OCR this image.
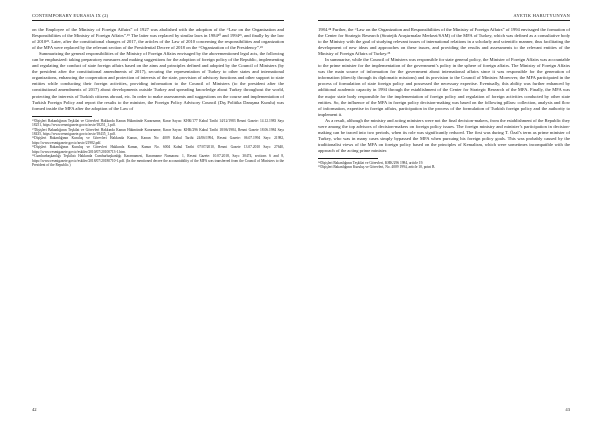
CONTEMPORARY EURASIA IX (2)

on the Employee of the Ministry of Foreign Affairs” of 1927 was abolished with the adoption of the “Law on the Organisation and Responsibilities of the Ministry of Foreign Affairs”.¹⁹ The latter was replaced by similar laws in 1984²⁰ and 1994²¹, and finally by the law of 2010²². Later, after the constitutional changes of 2017, the articles of the Law of 2010 concerning the responsibilities and organization of the MFA were replaced by the relevant section of the Presidential Decree of 2018 on the “Organization of the Presidency”.²³

Summarizing the general responsibilities of the Ministry of Foreign Affairs envisaged by the abovementioned legal acts, the following can be emphasized: taking preparatory measures and making suggestions for the adoption of foreign policy of the Republic, implementing and regulating the conduct of state foreign affairs based on the aims and principles defined and adopted by the Council of Ministers (by the president after the constitutional amendments of 2017), securing the representation of Turkey to other states and international organizations, enhancing the cooperation and protection of interests of the state, provision of advisory functions and other support to state entities while conducting their foreign activities, providing information to the Council of Ministers (to the president after the constitutional amendments of 2017) about developments outside Turkey and spreading knowledge about Turkey throughout the world, protecting the interests of Turkish citizens abroad, etc. In order to make assessments and suggestions on the course and implementation of Turkish Foreign Policy and report the results to the minister, the Foreign Policy Advisory Council (Dış Politika Danışma Kurulu) was formed inside the MFA after the adoption of the Law of

¹⁹Dişişleri Bakanlığının Teşkilat ve Görevleri Hakkında Kanun Hükmünde Kararname, Karar Sayısı: KHK/177 Kabul Tarihi 14/12/1983 Resmi Gazete: 14.12.1983 Sayı 18251, https://www.resmigazete.gov.tr/arsiv/18251_1.pdf.

²⁰Dişişleri Bakanlığının Teşkilat ve Görevleri Hakkında Kanun Hükmünde Kararname, Karar Sayısı: KHK/296 Kabul Tarihi 18/06/1984, Resmi Gazete 18.06.1984 Sayı 18435, https://www.resmigazete.gov.tr/arsiv/18435_1.pdf.

²¹Dişişleri Bakanlığının Kuruluş ve Görevleri Hakkında Kanun, Kanun No: 4009 Kabul Tarihi 24/06/1994, Resmi Gazete: 06.07.1994 Sayı: 21982, https://www.resmigazete.gov.tr/arsiv/21982.pdf.

²²Dişişleri Bakanlığının Kuruluş ve Görevleri Hakkında Kanun, Kanun No. 6004 Kabul Tarihi 07/07/2010, Resmi Gazete 13.07.2010 Sayı: 27640, https://www.resmigazete.gov.tr/eskiler/2010/07/20100713-1.htm.

²³Cumhurbaşkanlığı Teşkilatı Hakkında Cumhurbaşkanlığı Kararnamesi, Kararname Numarası: 1, Resmi Gazete: 10.07.2018, Sayı: 30474, sections 6 and 8, https://www.resmigazete.gov.tr/eskiler/2018/07/20180710-1.pdf. (In the mentioned decree the accountability of the MFA was transferred from the Council of Ministers to the President of the Republic.)

42
AYETIK HARUTYUNYAN

1984.²⁴ Further, the “Law on the Organization and Responsibilities of the Ministry of Foreign Affairs” of 1994 envisaged the formation of the Center for Strategic Research (Stratejik Araştırmalar Merkezi/SAM) of the MFA of Turkey, which was defined as a consultative body to the Ministry with the goal of studying relevant issues of international relations in a scholarly and scientific manner, thus facilitating the development of new ideas and approaches on these issues, and providing the results and assessments to the relevant entities of the Ministry of Foreign Affairs of Turkey.²⁵

In summarise, while the Council of Ministers was responsible for state general policy, the Minister of Foreign Affairs was accountable to the prime minister for the implementation of the government’s policy in the sphere of foreign affairs. The Ministry of Foreign Affairs was the main source of information for the government about international affairs since it was responsible for the generation of information (directly through its diplomatic missions) and its provision to the Council of Minister. Moreover, the MFA participated in the process of formulation of state foreign policy and possessed the necessary expertise. Eventually, this ability was further enhanced by additional academic capacity in 1994 through the establishment of the Center for Strategic Research of the MFA. Finally, the MFA was the major state body responsible for the implementation of foreign policy and regulation of foreign activities conducted by other state entities. So, the influence of the MFA in foreign policy decision-making was based on the following pillars: collection, analysis and flow of information, expertise in foreign affairs, participation in the process of the formulation of Turkish foreign policy and the authority to implement it.

As a result, although the ministry and acting ministers were not the final decision-makers, from the establishment of the Republic they were among the top advisors of decision-makers on foreign policy issues. The foreign ministry and minister’s participation in decision-making can be traced into two periods, when its role was significantly reduced. The first was during T. Özal’s term as prime minister of Turkey, who was in many cases simply bypassed the MFA when pursuing his foreign policy goals. This was probably caused by the traditionalist views of the MFA on foreign policy based on the principles of Kemalism, which were sometimes incompatible with the approach of the acting prime minister.

²⁴Dişişleri Bakanlığının Teşkilat ve Görevleri, KHK/296 1984, article 19.

²⁵Dişişleri Bakanlığının Kuruluş ve Görevleri, No. 4009 1994, article 10, point B.

43
